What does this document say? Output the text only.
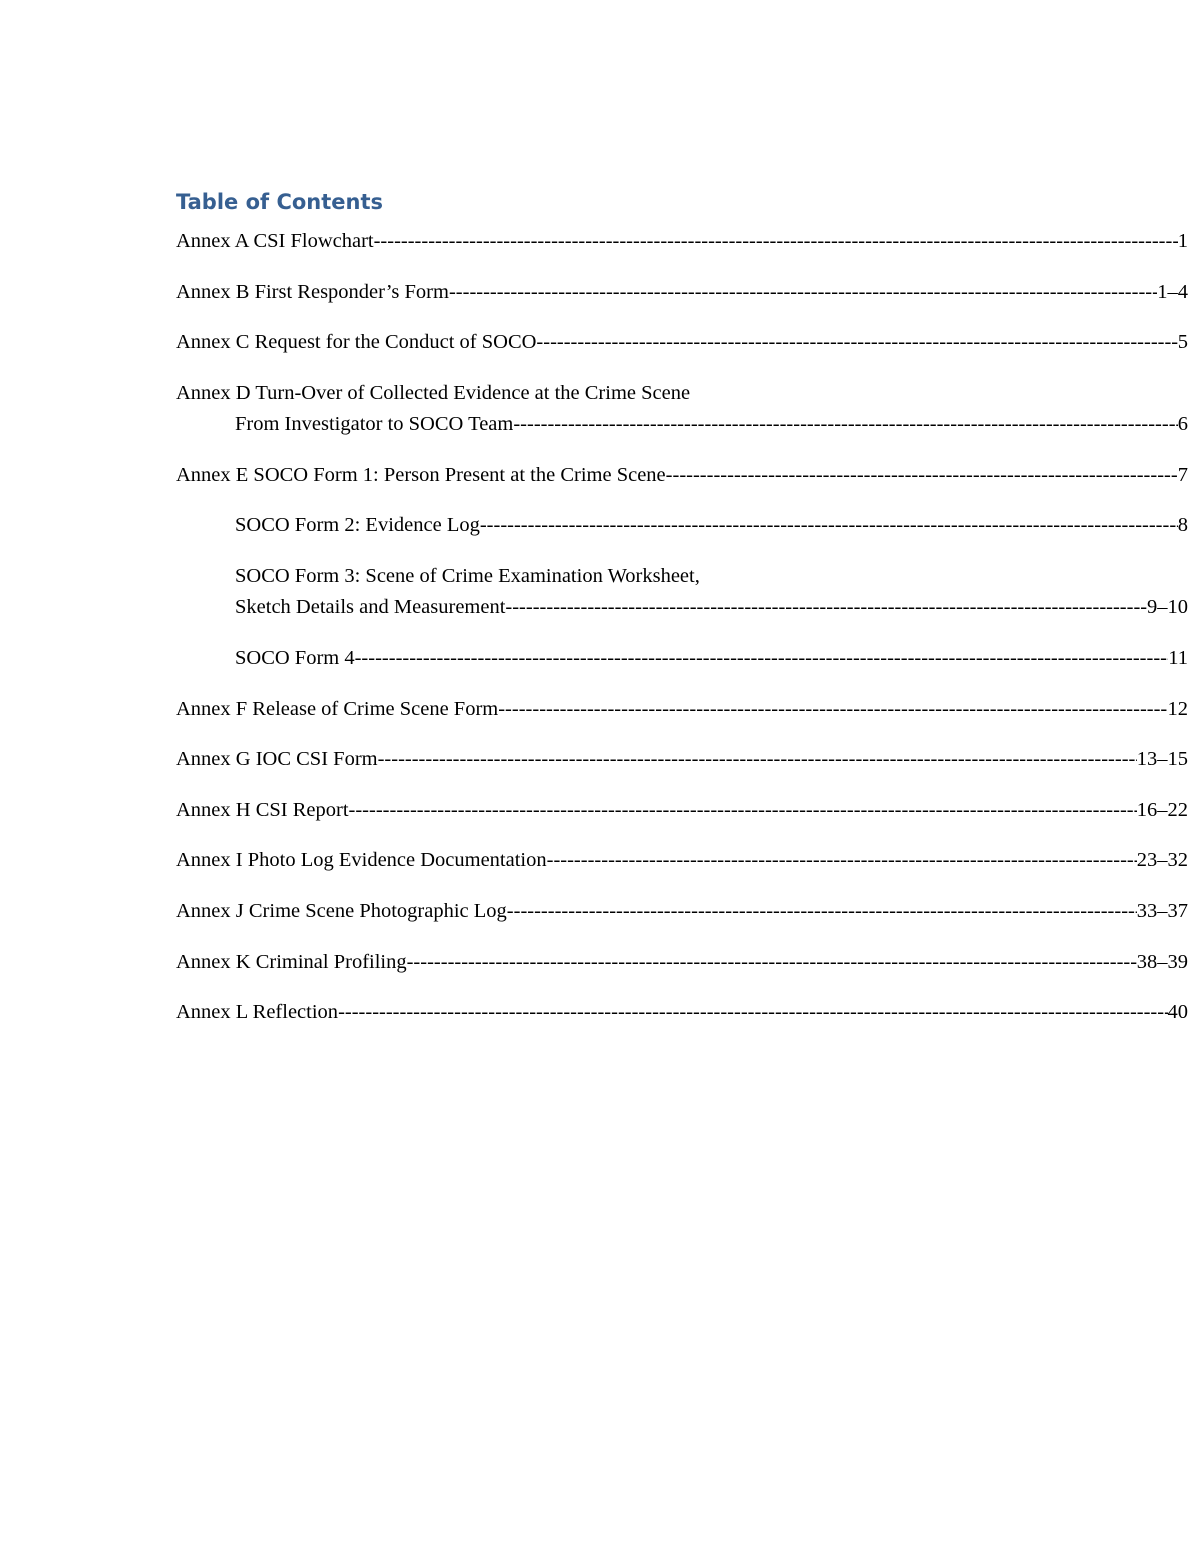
Table of Contents
Annex A CSI Flowchart -----	1
Annex B First Responder’s Form -----	1–4
Annex C Request for the Conduct of SOCO -----	5
Annex D Turn-Over of Collected Evidence at the Crime Scene
From Investigator to SOCO Team -----	6
Annex E SOCO Form 1: Person Present at the Crime Scene -----	7
SOCO Form 2: Evidence Log -----	8
SOCO Form 3: Scene of Crime Examination Worksheet,
Sketch Details and Measurement -----	9–10
SOCO Form 4 -----	11
Annex F Release of Crime Scene Form -----	12
Annex G IOC CSI Form -----	13–15
Annex H CSI Report -----	16–22
Annex I Photo Log Evidence Documentation -----	23–32
Annex J Crime Scene Photographic Log -----	33–37
Annex K Criminal Profiling -----	38–39
Annex L Reflection -----	40
